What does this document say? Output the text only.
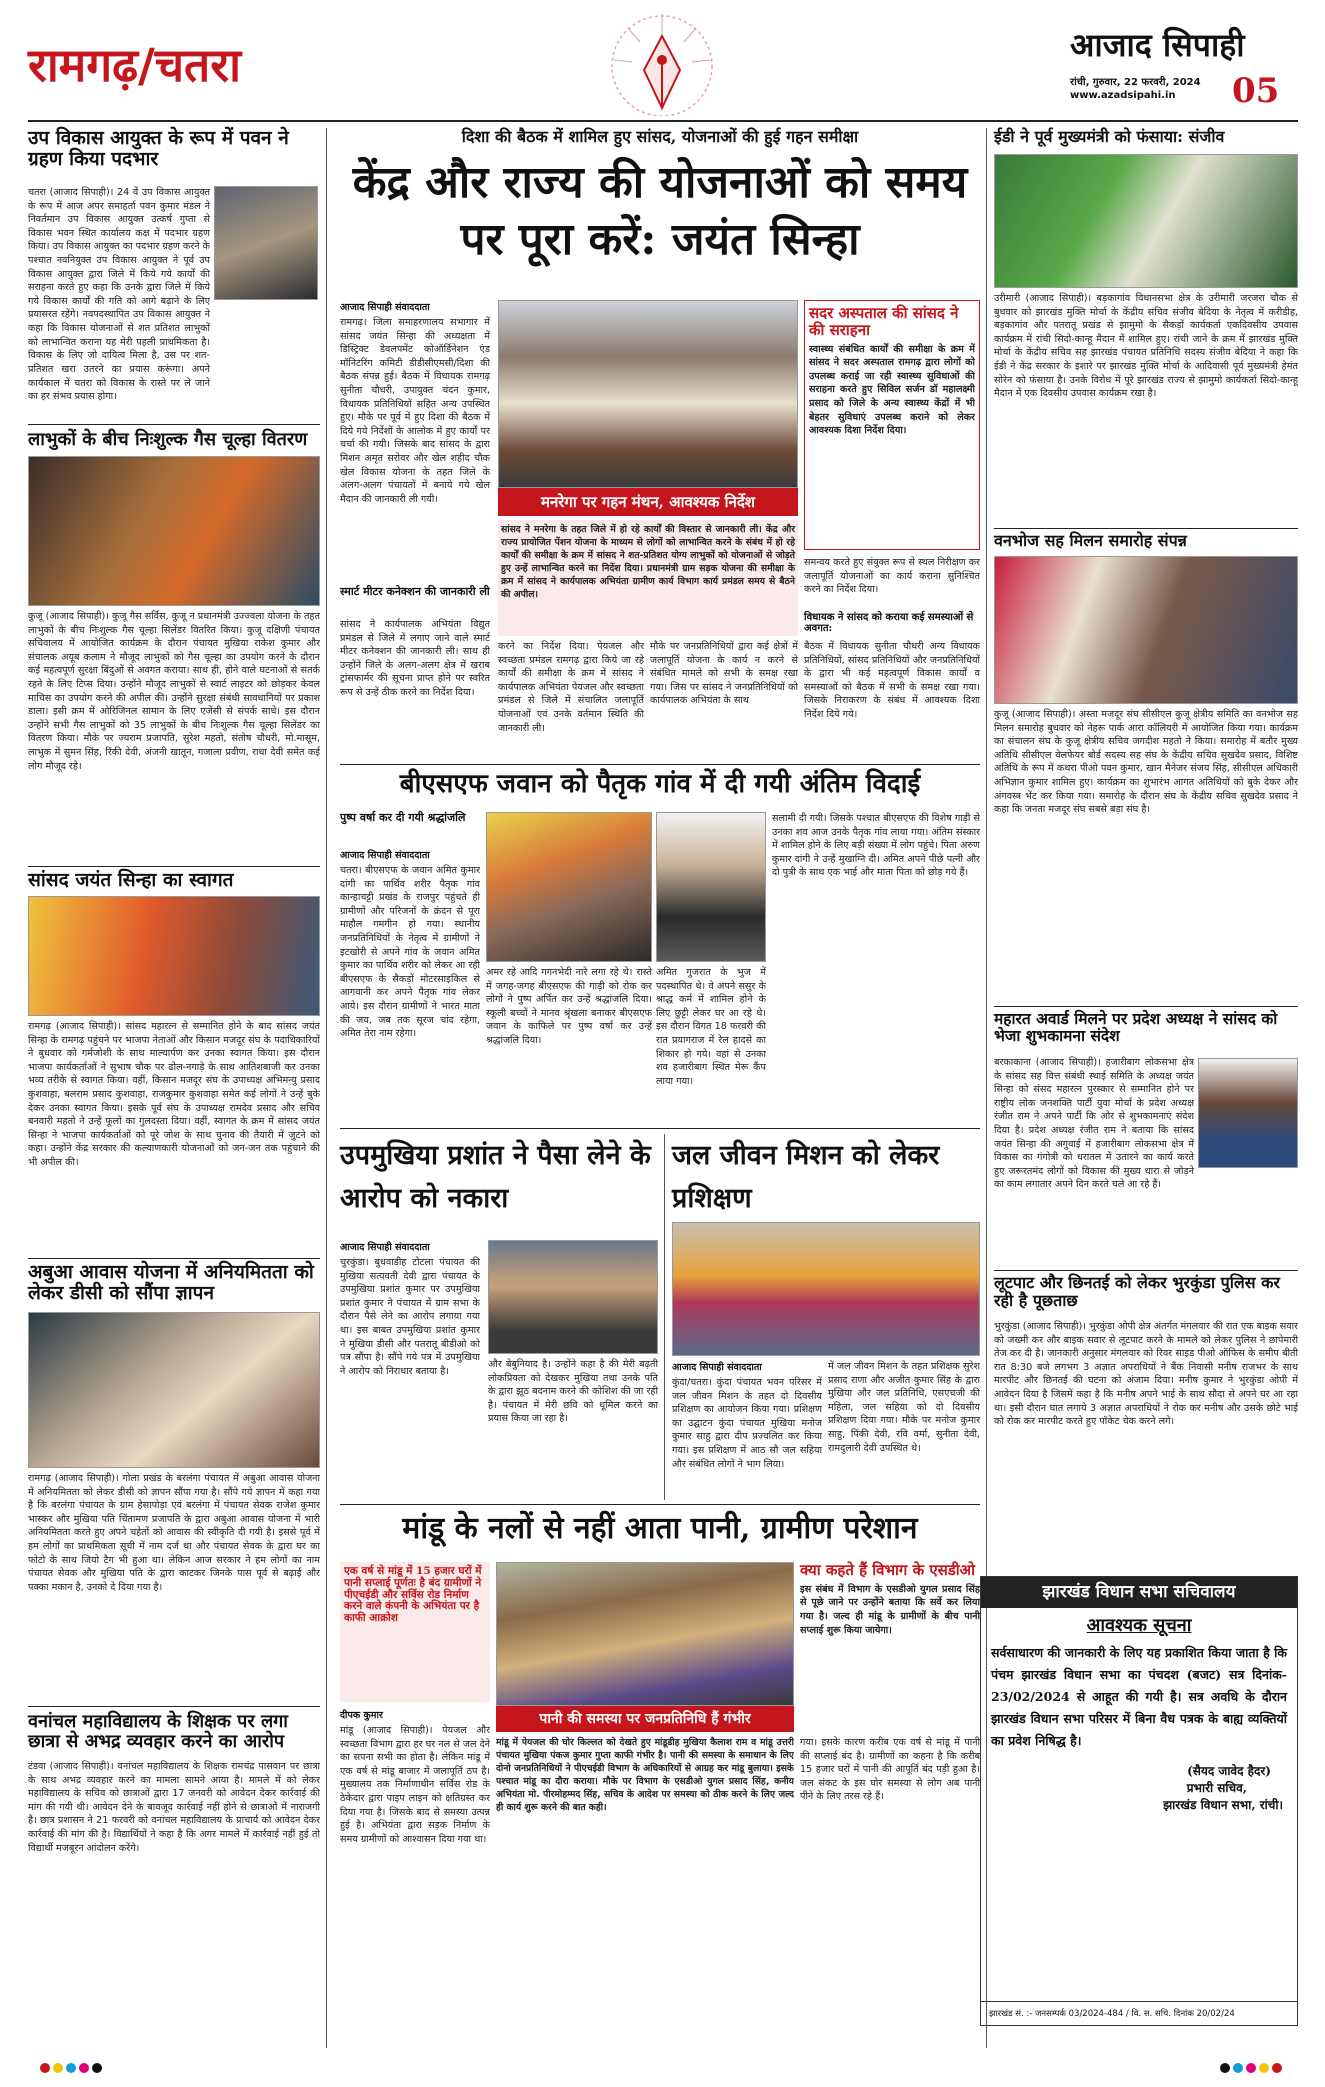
रामगढ़/चतरा	आजाद सिपाही
रांची, गुरुवार, 22 फरवरी, 2024
www.azadsipahi.in 05
उप विकास आयुक्त के रूप में पवन ने ग्रहण किया पदभार
चतरा (आजाद सिपाही)। 24 वें उप विकास आयुक्त के रूप में आज अपर समाहर्ता पवन कुमार मंडल ने निवर्तमान उप विकास आयुक्त उत्कर्ष गुप्ता से विकास भवन स्थित कार्यालय कक्ष में पदभार ग्रहण किया। उप विकास आयुक्त का पदभार ग्रहण करने के पश्चात नवनियुक्त उप विकास आयुक्त ने पूर्व उप विकास आयुक्त द्वारा जिले में किये गये कार्यों की सराहना करते हुए कहा कि उनके द्वारा जिले में किये गये विकास कार्यों की गति को आगे बढ़ाने के लिए प्रयासरत रहेंगे। नवपदस्थापित उप विकास आयुक्त ने कहा कि विकास योजनाओं से शत प्रतिशत लाभुकों को लाभान्वित कराना यह मेरी पहली प्राथमिकता है। विकास के लिए जो दायित्व मिला है, उस पर शत-प्रतिशत खरा उतरने का प्रयास करूंगा। अपने कार्यकाल में चतरा को विकास के रास्ते पर ले जाने का हर संभव प्रयास होगा।
लाभुकों के बीच निःशुल्क गैस चूल्हा वितरण
कुजू (आजाद सिपाही)। कुजू गैस सर्विस, कुजू न प्रधानमंत्री उज्ज्वला योजना के तहत लाभुकों के बीच निःशुल्क गैस चूल्हा सिलेंडर वितरित किया। कुजू दक्षिणी पंचायत सचिवालय में आयोजित कार्यक्रम के दौरान पंचायत मुखिया राकेश कुमार और संचालक अयूब कलाम ने मौजूद लाभुकों को गैस चूल्हा का उपयोग करने के दौरान कई महत्वपूर्ण सुरक्षा बिंदुओं से अवगत कराया। साथ ही, होने वाले घटनाओं से सतर्क रहने के लिए टिप्स दिया। उन्होंने मौजूद लाभुकों से स्वार्ट लाइटर को छोड़कर केवल माचिस का उपयोग करने की अपील की। उन्होंने सुरक्षा संबंधी सावधानियों पर प्रकाश डाला। इसी क्रम में ओरिजिनल सामान के लिए एजेंसी से संपर्क साधे। इस दौरान उन्होंने सभी गैस लाभुकों को 35 लाभुकों के बीच निःशुल्क गैस चूल्हा सिलेंडर का वितरण किया। मौके पर ज्यराम प्रजापति, सुरेश महतो, संतोष चौधरी, मो.मासूम, लाभुक में सुमन सिंह, रिंकी देवी, अंजनी खातून, गजाला प्रवीण, राधा देवी समेत कई लोग मौजूद रहे।
सांसद जयंत सिन्हा का स्वागत
रामगढ़ (आजाद सिपाही)। सांसद महारत्न से सम्मानित होने के बाद सांसद जयंत सिन्हा के रामगढ़ पहुंचने पर भाजपा नेताओं और किसान मजदूर संघ के पदाधिकारियों ने बुधवार को गर्मजोशी के साथ माल्यार्पण कर उनका स्वागत किया। इस दौरान भाजपा कार्यकर्ताओं ने सुभाष चौक पर ढोल-नगाड़े के साथ आतिशबाजी कर उनका भव्य तरीके से स्वागत किया। वहीं, किसान मजदूर संघ के उपाध्यक्ष अभिमन्यु प्रसाद कुशवाहा, बलराम प्रसाद कुशवाहा, राजकुमार कुशवाहा समेत कई लोगों ने उन्हें बुके देकर उनका स्वागत किया। इसके पूर्व संघ के उपाध्यक्ष रामदेव प्रसाद और सचिव बनवारी महतो ने उन्हें फूलों का गुलदस्ता दिया। वहीं, स्वागत के क्रम में सांसद जयंत सिन्हा ने भाजपा कार्यकर्ताओं को पूरे जोश के साथ चुनाव की तैयारी में जुटने को कहा। उन्होंने केंद्र सरकार की कल्याणकारी योजनाओं को जन-जन तक पहुंचाने की भी अपील की।
अबुआ आवास योजना में अनियमितता को लेकर डीसी को सौंपा ज्ञापन
रामगढ़ (आजाद सिपाही)। गोला प्रखंड के बरलंगा पंचायत में अबुआ आवास योजना में अनियमितता को लेकर डीसी को ज्ञापन सौंपा गया है। सौंपे गये ज्ञापन में कहा गया है कि बरलंगा पंचायत के ग्राम हेसापोड़ा एवं बरलंगा में पंचायत सेवक राजेश कुमार भास्कर और मुखिया पति चिंतामण प्रजापति के द्वारा अबुआ आवास योजना में भारी अनियमितता करते हुए अपने चहेतों को आवास की स्वीकृति दी गयी है। इससे पूर्व में हम लोगों का प्राथमिकता सूची में नाम दर्ज था और पंचायत सेवक के द्वारा घर का फोटो के साथ जियो टैग भी हुआ था। लेकिन आज सरकार ने हम लोगों का नाम पंचायत सेवक और मुखिया पति के द्वारा काटकर जिनके पास पूर्व से बढ़ाई और पक्का मकान है, उनको दे दिया गया है।
वनांचल महाविद्यालय के शिक्षक पर लगा छात्रा से अभद्र व्यवहार करने का आरोप
टंडवा (आजाद सिपाही)। वनांचल महाविद्यालय के शिक्षक रामचंद्र पासवान पर छात्रा के साथ अभद्र व्यवहार करने का मामला सामने आया है। मामले में को लेकर महाविद्यालय के सचिव को छात्राओं द्वारा 17 जनवरी को आवेदन देकर कार्रवाई की मांग की गयी थी। आवेदन देने के बावजूद कार्रवाई नहीं होने से छात्राओं में नाराजगी है। छात्र प्रशासन ने 21 फरवरी को वनांचल महाविद्यालय के प्राचार्य को आवेदन देकर कार्रवाई की मांग की है। विद्यार्थियों ने कहा है कि अगर मामले में कार्रवाई नहीं हुई तो विद्यार्थी मजबूरन आंदोलन करेंगे।
दिशा की बैठक में शामिल हुए सांसद, योजनाओं की हुई गहन समीक्षा
केंद्र और राज्य की योजनाओं को समय पर पूरा करें: जयंत सिन्हा
आजाद सिपाही संवाददाता
रामगढ़। जिला समाहरणालय सभागार में सांसद जयंत सिन्हा की अध्यक्षता में डिस्ट्रिक्ट डेवलपमेंट कोऑर्डिनेशन एंड मॉनिटरिंग कमिटी डीडीसीएमसी/दिशा की बैठक संपन्न हुई। बैठक में विधायक रामगढ़ सुनीता चौधरी, उपायुक्त चंदन कुमार, विधायक प्रतिनिधियों सहित अन्य उपस्थित हुए। मौके पर पूर्व में हुए दिशा की बैठक में दिये गये निर्देशों के आलोक में हुए कार्यों पर चर्चा की गयी। जिसके बाद सांसद के द्वारा मिशन अमृत सरोवर और खेल शहीद चौक खेल विकास योजना के तहत जिले के अलग-अलग पंचायतों में बनाये गये खेल मैदान की जानकारी ली गयी।
स्मार्ट मीटर कनेक्शन की जानकारी ली
सांसद ने कार्यपालक अभियंता विद्युत प्रमंडल से जिले में लगाए जाने वाले स्मार्ट मीटर कनेक्शन की जानकारी ली। साथ ही उन्होंने जिले के अलग-अलग क्षेत्र में खराब ट्रांसफार्मर की सूचना प्राप्त होने पर स्वरित रूप से उन्हें ठीक करने का निर्देश दिया।
मनरेगा पर गहन मंथन, आवश्यक निर्देश
सांसद ने मनरेगा के तहत जिले में हो रहे कार्यों की विस्तार से जानकारी ली। केंद्र और राज्य प्रायोजित पेंशन योजना के माध्यम से लोगों को लाभान्वित करने के संबंध में हो रहे कार्यों की समीक्षा के क्रम में सांसद ने शत-प्रतिशत योग्य लाभुकों को योजनाओं से जोड़ते हुए उन्हें लाभान्वित करने का निर्देश दिया। प्रधानमंत्री ग्राम सड़क योजना की समीक्षा के क्रम में सांसद ने कार्यपालक अभियंता ग्रामीण कार्य विभाग कार्य प्रमंडल समय से बैठने की अपील।
सदर अस्पताल की सांसद ने की सराहना
स्वास्थ्य संबंधित कार्यों की समीक्षा के क्रम में सांसद ने सदर अस्पताल रामगढ़ द्वारा लोगों को उपलब्ध कराई जा रही स्वास्थ्य सुविधाओं की सराहना करते हुए सिविल सर्जन डॉ महालक्ष्मी प्रसाद को जिले के अन्य स्वास्थ्य केंद्रों में भी बेहतर सुविधाएं उपलब्ध कराने को लेकर आवश्यक दिशा निर्देश दिया।
करने का निर्देश दिया। पेयजल और स्वच्छता प्रमंडल रामगढ़ द्वारा किये जा रहे कार्यों की समीक्षा के क्रम में सांसद ने कार्यपालक अभियंता पेयजल और स्वच्छता प्रमंडल से जिले में संचालित जलापूर्ति योजनाओं एवं उनके वर्तमान स्थिति की जानकारी ली।
मौके पर जनप्रतिनिधियों द्वारा कई क्षेत्रों में जलापूर्ति योजना के कार्य न करने से संबंधित मामले को सभी के समक्ष रखा गया। जिस पर सांसद ने जनप्रतिनिधियों को कार्यपालक अभियंता के साथ
समन्वय करते हुए संयुक्त रूप से स्थल निरीक्षण कर जलापूर्ति योजनाओं का कार्य कराना सुनिश्चित करने का निर्देश दिया।
विधायक ने सांसद को कराया कई समस्याओं से अवगत:
बैठक में विधायक सुनीता चौधरी अन्य विधायक प्रतिनिधियों, सांसद प्रतिनिधियों और जनप्रतिनिधियों के द्वारा भी कई महत्वपूर्ण विकास कार्यों व समस्याओं को बैठक में सभी के समक्ष रखा गया। जिसके निराकरण के संबंध में आवश्यक दिशा निर्देश दिये गये।
बीएसएफ जवान को पैतृक गांव में दी गयी अंतिम विदाई
पुष्प वर्षा कर दी गयी श्रद्धांजलि
आजाद सिपाही संवाददाता
चतरा। बीएसएफ के जवान अमित कुमार दांगी का पार्थिव शरीर पैतृक गांव कान्हाचट्टी प्रखंड के राजपुर पहुंचते ही ग्रामीणों और परिजनों के क्रंदन से पूरा माहौल गमगीन हो गया। स्थानीय जनप्रतिनिधियों के नेतृत्व में ग्रामीणों ने इटखोरी से अपने गांव के जवान अमित कुमार का पार्थिव शरीर को लेकर आ रही बीएसएफ के सैकड़ों मोटरसाइकिल से आगवानी कर अपने पैतृक गांव लेकर आये। इस दौरान ग्रामीणों ने भारत माता की जय, जब तक सूरज चांद रहेगा, अमित तेरा नाम रहेगा।
अमर रहे आदि गगनभेदी नारे लगा रहे थे। रास्ते में जगह-जगह बीएसएफ की गाड़ी को रोक कर लोगों ने पुष्प अर्पित कर उन्हें श्रद्धांजलि दिया। स्कूली बच्चों ने मानव श्रृंखला बनाकर बीएसएफ जवान के काफिले पर पुष्प वर्षा कर उन्हें श्रद्धांजलि दिया।
अमित गुजरात के भुज में पदस्थापित थे। वे अपने ससुर के श्राद्ध कर्म में शामिल होने के लिए छुट्टी लेकर घर आ रहे थे। इस दौरान विगत 18 फरवरी की रात प्रयागराज में रेल हादसे का शिकार हो गये। वहां से उनका शव हजारीबाग स्थित मेरू कैंप लाया गया।
सलामी दी गयी। जिसके पश्चात बीएसएफ की विशेष गाड़ी से उनका शव आज उनके पैतृक गांव लाया गया। अंतिम संस्कार में शामिल होने के लिए बड़ी संख्या में लोग पहुंचे। पिता अरुण कुमार दांगी ने उन्हें मुखाग्नि दी। अमित अपने पीछे पत्नी और दो पुत्री के साथ एक भाई और माता पिता को छोड़ गये हैं।
उपमुखिया प्रशांत ने पैसा लेने के आरोप को नकारा
आजाद सिपाही संवाददाता
चुरकुंडा। बुधवाडीह टोटला पंचायत की मुखिया सत्यवती देवी द्वारा पंचायत के उपमुखिया प्रशांत कुमार पर उपमुखिया प्रशांत कुमार ने पंचायत में ग्राम सभा के दौरान पैसे लेने का आरोप लगाया गया था। इस बाबत उपमुखिया प्रशांत कुमार ने मुखिया डीसी और पतरातू बीडीओ को पत्र सौंपा है। सौंपे गये पत्र में उपमुखिया ने आरोप को निराधार बताया है।
और बेबुनियाद है। उन्होंने कहा है की मेरी बढ़ती लोकप्रियता को देखकर मुखिया तथा उनके पति के द्वारा झूठ बदनाम करने की कोशिश की जा रही है। पंचायत में मेरी छवि को धूमिल करने का प्रयास किया जा रहा है।
जल जीवन मिशन को लेकर प्रशिक्षण
आजाद सिपाही संवाददाता
कुंदा/चतरा। कुंदा पंचायत भवन परिसर में जल जीवन मिशन के तहत दो दिवसीय प्रशिक्षण का आयोजन किया गया। प्रशिक्षण का उद्घाटन कुंदा पंचायत मुखिया मनोज कुमार साहु द्वारा दीप प्रज्वलित कर किया गया। इस प्रशिक्षण में आठ सौ जल सहिया और संबंधित लोगों ने भाग लिया।
में जल जीवन मिशन के तहत प्रशिक्षक सुरेश प्रसाद राणा और अजीत कुमार सिंह के द्वारा मुखिया और जल प्रतिनिधि, एसएचजी की महिला, जल सहिया को दो दिवसीय प्रशिक्षण दिया गया। मौके पर मनोज कुमार साहु, पिंकी देवी, रवि वर्मा, सुनीता देवी, रामदुलारी देवी उपस्थित थे।
मांडू के नलों से नहीं आता पानी, ग्रामीण परेशान
एक वर्ष से मांडू में 15 हजार घरों में पानी सप्लाई पूर्णतः है बंद ग्रामीणों ने पीएचईडी और सर्विस रोड निर्माण करने वाले कंपनी के अभियंता पर है काफी आक्रोश
दीपक कुमार
मांडू (आजाद सिपाही)। पेयजल और स्वच्छता विभाग द्वारा हर घर नल से जल देने का सपना सभी का होता है। लेकिन मांडू में एक वर्ष से मांडू बाजार में जलापूर्ति ठप है। मुख्यालय तक निर्माणाधीन सर्विस रोड के ठेकेदार द्वारा पाइप लाइन को क्षतिग्रस्त कर दिया गया है। जिसके बाद से समस्या उत्पन्न हुई है। अभियंता द्वारा सड़क निर्माण के समय ग्रामीणों को आश्वासन दिया गया था।
पानी की समस्या पर जनप्रतिनिधि हैं गंभीर
मांडू में पेयजल की घोर किल्लत को देखते हुए मांडूडीह मुखिया कैलाश राम व मांडू उत्तरी पंचायत मुखिया पंकज कुमार गुप्ता काफी गंभीर है। पानी की समस्या के समाधान के लिए दोनो जनप्रतिनिधियों ने पीएचईडी विभाग के अधिकारियों से आग्रह कर मांडू बुलाया। इसके पश्चात मांडू का दौरा कराया। मौके पर विभाग के एसडीओ युगल प्रसाद सिंह, कनीय अभियंता मो. पीरमोहम्मद सिंह, सचिव के आदेश पर समस्या को ठीक करने के लिए जल्द ही कार्य शुरू करने की बात कही।
क्या कहते हैं विभाग के एसडीओ
इस संबंध में विभाग के एसडीओ युगल प्रसाद सिंह से पूछे जाने पर उन्होंने बताया कि सर्वे कर लिया गया है। जल्द ही मांडू के ग्रामीणों के बीच पानी सप्लाई शुरू किया जायेगा।
गया। इसके कारण करीब एक वर्ष से मांडू में पानी की सप्लाई बंद है। ग्रामीणों का कहना है कि करीब 15 हजार घरों में पानी की आपूर्ति बंद पड़ी हुआ है। जल संकट के इस घोर समस्या से लोग अब पानी पीने के लिए तरस रहे हैं।
ईडी ने पूर्व मुख्यमंत्री को फंसाया: संजीव
उरीमारी (आजाद सिपाही)। बड़कागांव विधानसभा क्षेत्र के उरीमारी जरजरा चौक से बुधवार को झारखंड मुक्ति मोर्चा के केंद्रीय सचिव संजीव बेदिया के नेतृत्व में करीडीह, बड़कागांव और पतरातू प्रखंड से झामुमो के सैकड़ों कार्यकर्ता एकदिवसीय उपवास कार्यक्रम में रांची सिदो-कान्हू मैदान में शामिल हुए। रांची जाने के क्रम में झारखंड मुक्ति मोर्चा के केंद्रीय सचिव सह झारखंड पंचायत प्रतिनिधि सदस्य संजीव बेदिया ने कहा कि ईडी ने केंद्र सरकार के इशारे पर झारखंड मुक्ति मोर्चा के आदिवासी पूर्व मुख्यमंत्री हेमंत सोरेन को फंसाया है। उनके विरोध में पूरे झारखंड राज्य से झामुमो कार्यकर्ता सिदो-कान्हू मैदान में एक दिवसीय उपवास कार्यक्रम रखा है।
वनभोज सह मिलन समारोह संपन्न
कुजू (आजाद सिपाही)। अस्ता मजदूर संघ सीसीएल कुजू क्षेत्रीय समिति का वनभोज सह मिलन समारोह बुधवार को नेहरू पार्क आरा कॉलियरी में आयोजित किया गया। कार्यक्रम का संचालन संघ के कुजू क्षेत्रीय सचिव जगदीश महतो ने किया। समारोह में बतौर मुख्य अतिथि सीसीएल वेलफेयर बोर्ड सदस्य सह संघ के केंद्रीय सचिव सुखदेव प्रसाद, विशिष्ट अतिथि के रूप में कथरा पीओ पवन कुमार, खान मैनेजर संजय सिंह, सीसीएल अधिकारी अभिज्ञान कुमार शामिल हुए। कार्यक्रम का शुभारंभ आगत अतिथियों को बुके देकर और अंगवस्त्र भेंट कर किया गया। समारोह के दौरान संघ के केंद्रीय सचिव सुखदेव प्रसाद ने कहा कि जनता मजदूर संघ सबसे बड़ा संघ है।
महारत अवार्ड मिलने पर प्रदेश अध्यक्ष ने सांसद को भेजा शुभकामना संदेश
बरकाकाना (आजाद सिपाही)। हजारीबाग लोकसभा क्षेत्र के सांसद सह वित्त संबंधी स्थाई समिति के अध्यक्ष जयंत सिन्हा को संसद महारत्न पुरस्कार से सम्मानित होने पर राष्ट्रीय लोक जनशक्ति पार्टी युवा मोर्चा के प्रदेश अध्यक्ष रंजीत राम ने अपने पार्टी कि ओर से शुभकामनाएं संदेश दिया है। प्रदेश अध्यक्ष रंजीत राम ने बताया कि सांसद जयंत सिन्हा की अगुवाई में हजारीबाग लोकसभा क्षेत्र में विकास का गंगोत्री को धरातल में उतारने का कार्य करते हुए जरूरतमंद लोगों को विकास की मुख्य धारा से जोड़ने का काम लगातार अपने दिन करते चले आ रहे हैं।
लूटपाट और छिनतई को लेकर भुरकुंडा पुलिस कर रही है पूछताछ
भुरकुंडा (आजाद सिपाही)। भुरकुंडा ओपी क्षेत्र अंतर्गत मंगलवार की रात एक बाइक सवार को जख्मी कर और बाइक सवार से लूटपाट करने के मामले को लेकर पुलिस ने छापेमारी तेज कर दी है। जानकारी अनुसार मंगलवार को रिवर साइड पीओ ऑफिस के समीप बीती रात 8:30 बजे लगभग 3 अज्ञात अपराधियों ने बैंक निवासी मनीष राजभर के साथ मारपीट और छिनतई की घटना को अंजाम दिया। मनीष कुमार ने भुरकुंडा ओपी में आवेदन दिया है जिसमें कहा है कि मनीष अपने भाई के साथ सौदा से अपने घर आ रहा था। इसी दौरान घात लगाये 3 अज्ञात अपराधियों ने रोक कर मनीष और उसके छोटे भाई को रोक कर मारपीट करते हुए पॉकेट चेक करने लगे।
झारखंड विधान सभा सचिवालय
आवश्यक सूचना
सर्वसाधारण की जानकारी के लिए यह प्रकाशित किया जाता है कि पंचम झारखंड विधान सभा का पंचदश (बजट) सत्र दिनांक- 23/02/2024 से आहूत की गयी है। सत्र अवधि के दौरान झारखंड विधान सभा परिसर में बिना वैध पत्रक के बाह्य व्यक्तियों का प्रवेश निषिद्ध है।
(सैयद जावेद हैदर)
प्रभारी सचिव,
झारखंड विधान सभा, रांची।
झारखंड सं. :- जनसम्पर्क 03/2024-484 / वि. स. सचि. दिनांक 20/02/24
